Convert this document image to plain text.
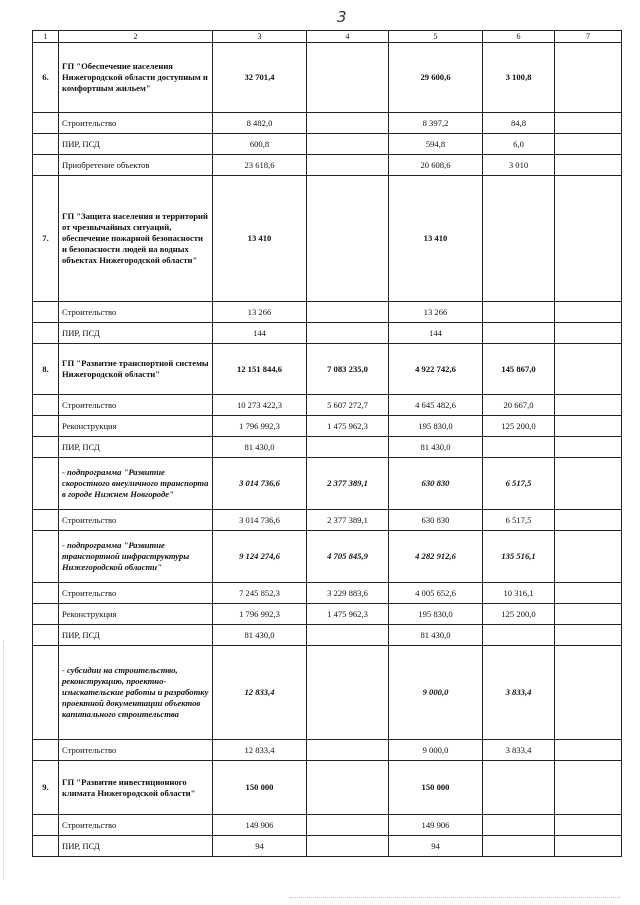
3
1	2	3	4	5	6	7
6.	ГП "Обеспечение населения Нижегородской области доступным и комфортным жильем"	32 701,4		29 600,6	3 100,8	
	Строительство	8 482,0		8 397,2	84,8	
	ПИР, ПСД	600,8		594,8	6,0	
	Приобретение объектов	23 618,6		20 608,6	3 010	
7.	ГП "Защита населения и территорий от чрезвычайных ситуаций, обеспечение пожарной безопасности и безопасности людей на водных объектах Нижегородской области"	13 410		13 410		
	Строительство	13 266		13 266		
	ПИР, ПСД	144		144		
8.	ГП "Развитие транспортной системы Нижегородской области"	12 151 844,6	7 083 235,0	4 922 742,6	145 867,0	
	Строительство	10 273 422,3	5 607 272,7	4 645 482,6	20 667,0	
	Реконструкция	1 796 992,3	1 475 962,3	195 830,0	125 200,0	
	ПИР, ПСД	81 430,0		81 430,0		
	- подпрограмма "Развитие скоростного внеуличного транспорта в городе Нижнем Новгороде"	3 014 736,6	2 377 389,1	630 830	6 517,5	
	Строительство	3 014 736,6	2 377 389,1	630 830	6 517,5	
	- подпрограмма "Развитие транспортной инфраструктуры Нижегородской области"	9 124 274,6	4 705 845,9	4 282 912,6	135 516,1	
	Строительство	7 245 852,3	3 229 883,6	4 005 652,6	10 316,1	
	Реконструкция	1 796 992,3	1 475 962,3	195 830,0	125 200,0	
	ПИР, ПСД	81 430,0		81 430,0		
	- субсидии на строительство, реконструкцию, проектно-изыскательские работы и разработку проектной документации объектов капитального строительства	12 833,4		9 000,0	3 833,4	
	Строительство	12 833,4		9 000,0	3 833,4	
9.	ГП "Развитие инвестиционного климата Нижегородской области"	150 000		150 000		
	Строительство	149 906		149 906		
	ПИР, ПСД	94		94		
